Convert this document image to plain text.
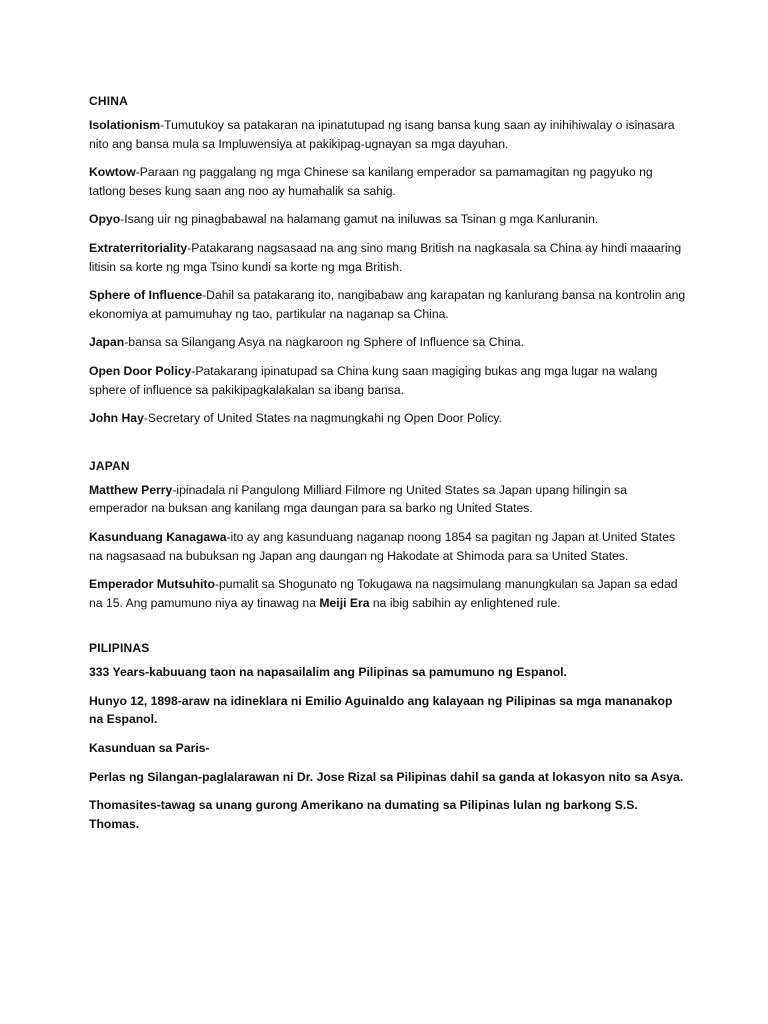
CHINA

Isolationism-Tumutukoy sa patakaran na ipinatutupad ng isang bansa kung saan ay inihihiwalay o isinasara nito ang bansa mula sa Impluwensiya at pakikipag-ugnayan sa mga dayuhan.

Kowtow-Paraan ng paggalang ng mga Chinese sa kanilang emperador sa pamamagitan ng pagyuko ng tatlong beses kung saan ang noo ay humahalik sa sahig.

Opyo-Isang uir ng pinagbabawal na halamang gamut na iniluwas sa Tsinan g mga Kanluranin.

Extraterritoriality-Patakarang nagsasaad na ang sino mang British na nagkasala sa China ay hindi maaaring litisin sa korte ng mga Tsino kundi sa korte ng mga British.

Sphere of Influence-Dahil sa patakarang ito, nangibabaw ang karapatan ng kanlurang bansa na kontrolin ang ekonomiya at pamumuhay ng tao, partikular na naganap sa China.

Japan-bansa sa Silangang Asya na nagkaroon ng Sphere of Influence sa China.

Open Door Policy-Patakarang ipinatupad sa China kung saan magiging bukas ang mga lugar na walang sphere of influence sa pakikipagkalakalan sa ibang bansa.

John Hay-Secretary of United States na nagmungkahi ng Open Door Policy.

JAPAN

Matthew Perry-ipinadala ni Pangulong Milliard Filmore ng United States sa Japan upang hilingin sa emperador na buksan ang kanilang mga daungan para sa barko ng United States.

Kasunduang Kanagawa-ito ay ang kasunduang naganap noong 1854 sa pagitan ng Japan at United States na nagsasaad na bubuksan ng Japan ang daungan ng Hakodate at Shimoda para sa United States.

Emperador Mutsuhito-pumalit sa Shogunato ng Tokugawa na nagsimulang manungkulan sa Japan sa edad na 15. Ang pamumuno niya ay tinawag na Meiji Era na ibig sabihin ay enlightened rule.

PILIPINAS

333 Years-kabuuang taon na napasailalim ang Pilipinas sa pamumuno ng Espanol.

Hunyo 12, 1898-araw na idineklara ni Emilio Aguinaldo ang kalayaan ng Pilipinas sa mga mananakop na Espanol.

Kasunduan sa Paris-

Perlas ng Silangan-paglalarawan ni Dr. Jose Rizal sa Pilipinas dahil sa ganda at lokasyon nito sa Asya.

Thomasites-tawag sa unang gurong Amerikano na dumating sa Pilipinas lulan ng barkong S.S. Thomas.
